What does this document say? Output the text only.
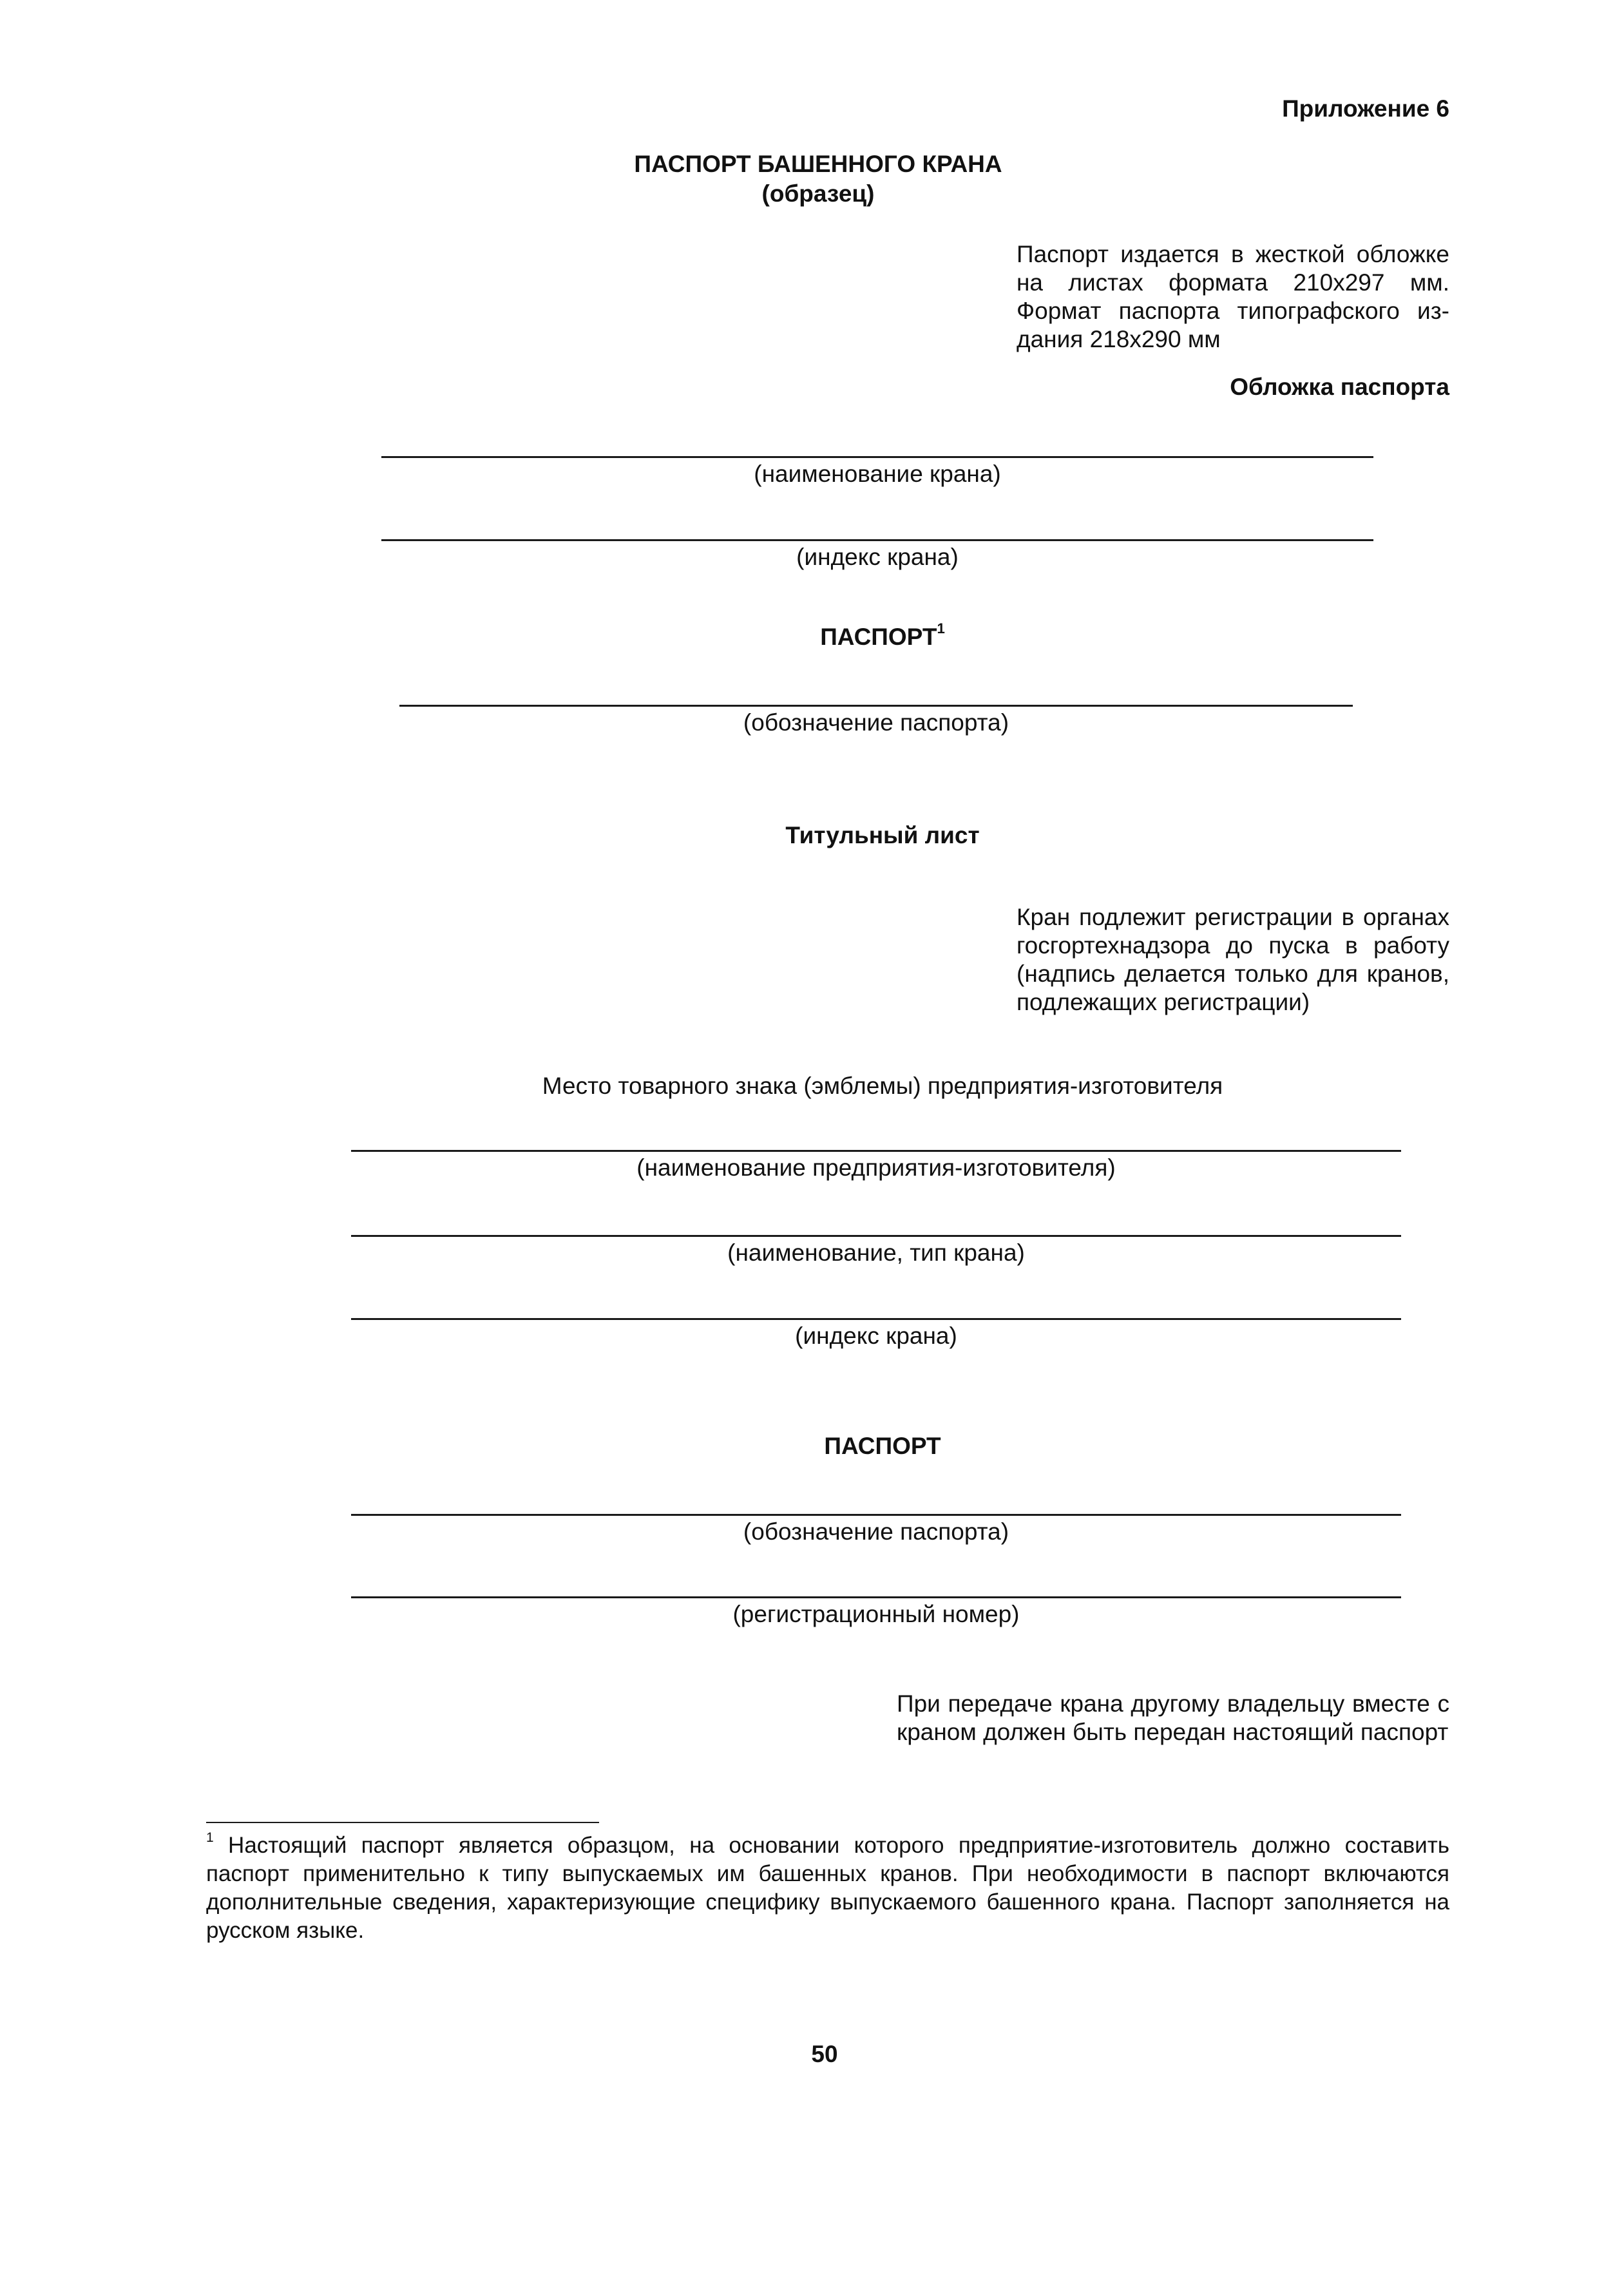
Приложение 6
ПАСПОРТ БАШЕННОГО КРАНА
(образец)
Паспорт издается в жесткой обложке на листах формата 210х297 мм. Формат паспорта типографского издания 218х290 мм
Обложка паспорта
(наименование крана)
(индекс крана)
ПАСПОРТ$^1$
(обозначение паспорта)
Титульный лист
Кран подлежит регистрации в органах госгортехнадзора до пуска в работу (надпись делается только для кранов, подлежащих регистрации)
Место товарного знака (эмблемы) предприятия-изготовителя
(наименование предприятия-изготовителя)
(наименование, тип крана)
(индекс крана)
ПАСПОРТ
(обозначение паспорта)
(регистрационный номер)
При передаче крана другому владельцу вместе с краном должен быть передан настоящий паспорт
$^1$ Настоящий паспорт является образцом, на основании которого предприятие-изготовитель должно составить паспорт применительно к типу выпускаемых им башенных кранов. При необходимости в паспорт включаются дополнительные сведения, характеризующие специфику выпускаемого башенного крана. Паспорт заполняется на русском языке.
50
